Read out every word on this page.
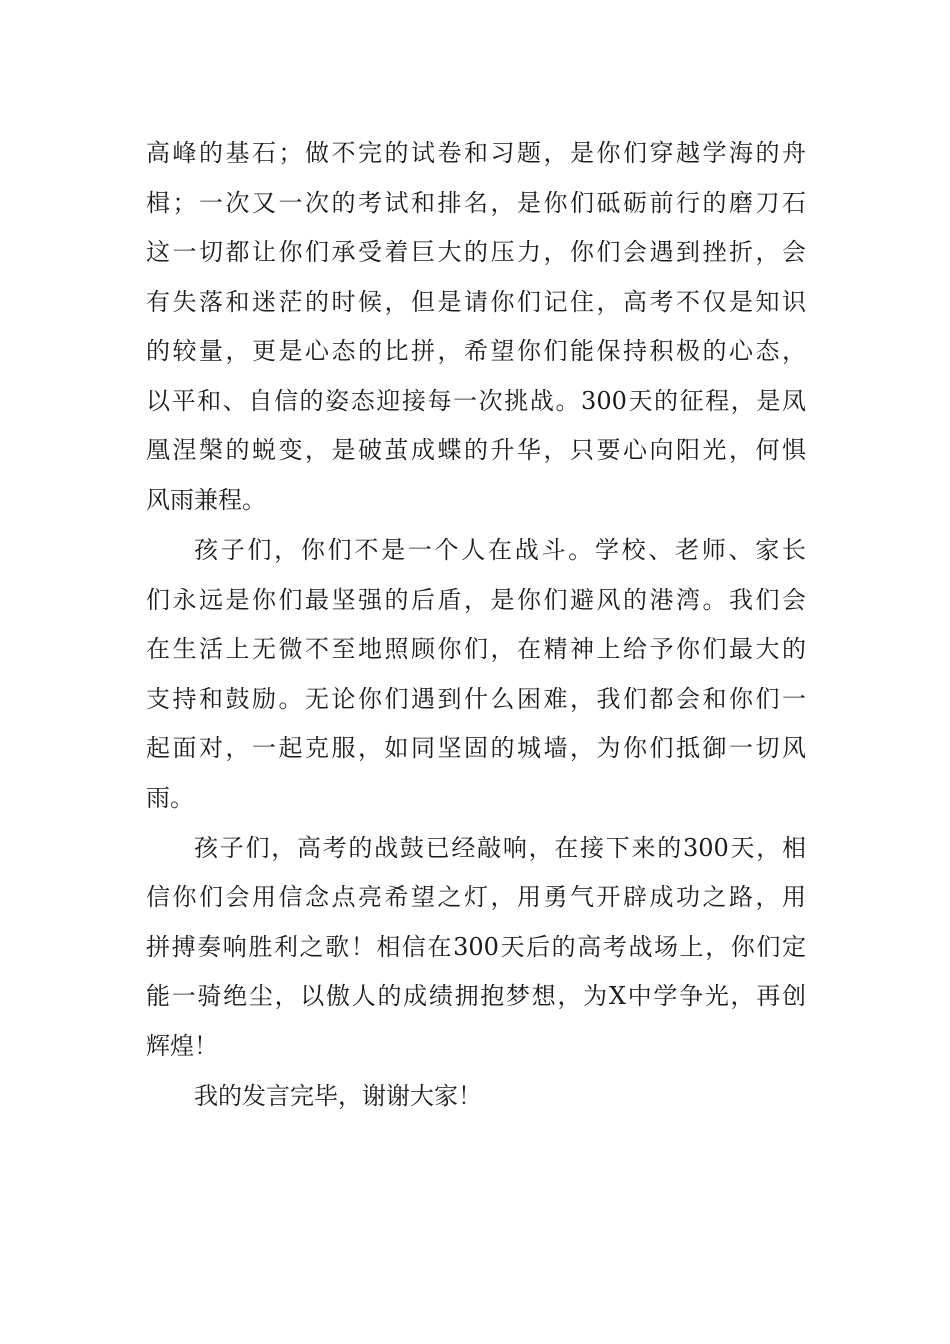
高峰的基石；做不完的试卷和习题，是你们穿越学海的舟

楫；一次又一次的考试和排名，是你们砥砺前行的磨刀石

这一切都让你们承受着巨大的压力，你们会遇到挫折，会

有失落和迷茫的时候，但是请你们记住，高考不仅是知识

的较量，更是心态的比拼，希望你们能保持积极的心态，

以平和、自信的姿态迎接每一次挑战。300天的征程，是凤

凰涅槃的蜕变，是破茧成蝶的升华，只要心向阳光，何惧

风雨兼程。

孩子们，你们不是一个人在战斗。学校、老师、家长

们永远是你们最坚强的后盾，是你们避风的港湾。我们会

在生活上无微不至地照顾你们，在精神上给予你们最大的

支持和鼓励。无论你们遇到什么困难，我们都会和你们一

起面对，一起克服，如同坚固的城墙，为你们抵御一切风

雨。

孩子们，高考的战鼓已经敲响，在接下来的300天，相

信你们会用信念点亮希望之灯，用勇气开辟成功之路，用

拼搏奏响胜利之歌！相信在300天后的高考战场上，你们定

能一骑绝尘，以傲人的成绩拥抱梦想，为X中学争光，再创

辉煌！

我的发言完毕，谢谢大家！
